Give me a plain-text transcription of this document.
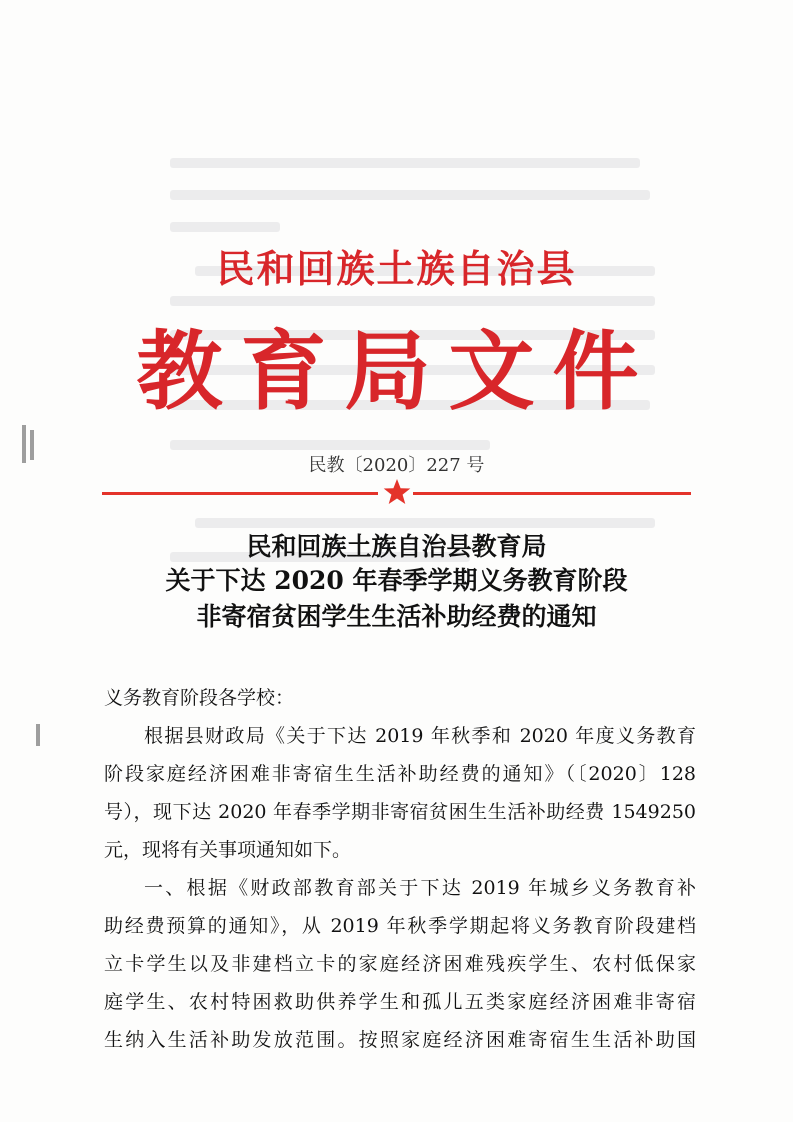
民和回族土族自治县
教育局文件
民教〔2020〕227 号
民和回族土族自治县教育局
关于下达 2020 年春季学期义务教育阶段
非寄宿贫困学生生活补助经费的通知
义务教育阶段各学校：
根据县财政局《关于下达 2019 年秋季和 2020 年度义务教育
阶段家庭经济困难非寄宿生生活补助经费的通知》（〔2020〕128
号），现下达 2020 年春季学期非寄宿贫困生生活补助经费 1549250
元，现将有关事项通知如下。
一、根据《财政部教育部关于下达 2019 年城乡义务教育补
助经费预算的通知》，从 2019 年秋季学期起将义务教育阶段建档
立卡学生以及非建档立卡的家庭经济困难残疾学生、农村低保家
庭学生、农村特困救助供养学生和孤儿五类家庭经济困难非寄宿
生纳入生活补助发放范围。按照家庭经济困难寄宿生生活补助国
